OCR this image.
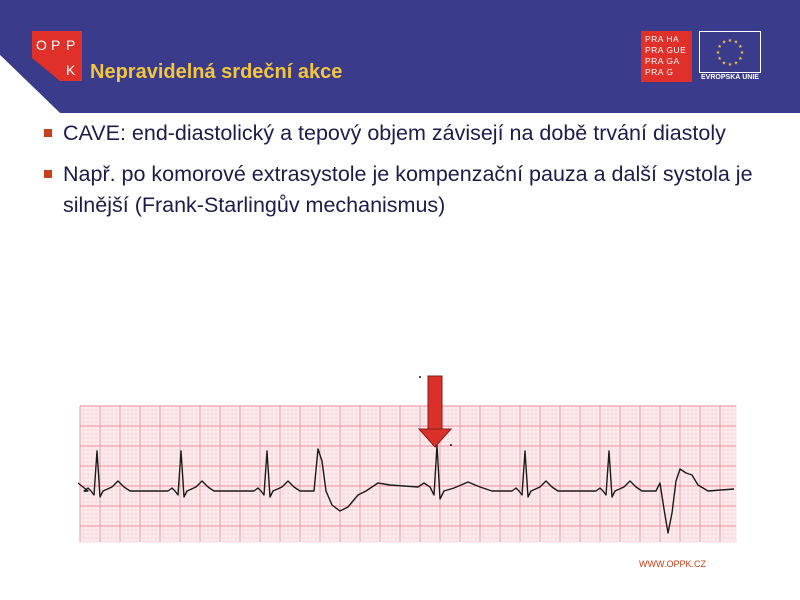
O P P
K Nepravidelná srdeční akce
PRA HA
PRA GUE
PRA GA
PRA G
★
★
★
★
★
★
★
★
★ ★ ★
★
EVROPSKÁ UNIE
CAVE: end-diastolický a tepový objem závisejí na době trvání diastoly
Např. po komorové extrasystole je kompenzační pauza a další systola je silnější (Frank-Starlingův mechanismus)
WWW.OPPK.CZ
